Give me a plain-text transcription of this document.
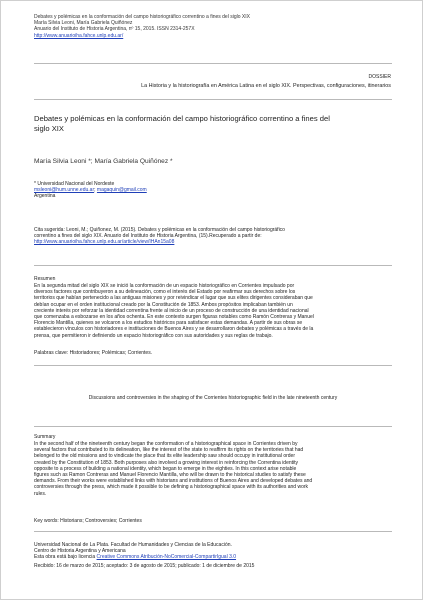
Debates y polémicas en la conformación del campo historiográfico correntino a fines del siglo XIX
María Silvia Leoni, María Gabriela Quiñónez
Anuario del Instituto de Historia Argentina, nº 15, 2015. ISSN 2314-257X
http://www.anuarioiha.fahce.unlp.edu.ar/
DOSSIER
La Historia y la historiografía en América Latina en el siglo XIX. Perspectivas, configuraciones, itinerarios
Debates y polémicas en la conformación del campo historiográfico correntino a fines del
siglo XIX
María Silvia Leoni *; María Gabriela Quiñónez *
* Universidad Nacional del Nordeste
msleoni@hum.unne.edu.ar; magaquin@gmail.com
Argentina
Cita sugerida: Leoni, M.; Quiñonez, M. (2015). Debates y polémicas en la conformación del campo historiográfico
correntino a fines del siglo XIX. Anuario del Instituto de Historia Argentina, (15).Recuperado a partir de:
http://www.anuarioiha.fahce.unlp.edu.ar/article/view/IHAn15a08
Resumen
En la segunda mitad del siglo XIX se inició la conformación de un espacio historiográfico en Corrientes impulsado por
diversos factores que contribuyeron a su delineación, como el interés del Estado por reafirmar sus derechos sobre los
territorios que habían pertenecido a las antiguas misiones y por reivindicar el lugar que sus elites dirigentes consideraban que
debían ocupar en el orden institucional creado por la Constitución de 1853. Ambos propósitos implicaban también un
creciente interés por reforzar la identidad correntina frente al inicio de un proceso de construcción de una identidad nacional
que comenzaba a esbozarse en los años ochenta. En este contexto surgen figuras notables como Ramón Contreras y Manuel
Florencio Mantilla, quienes se volcaron a los estudios históricos para satisfacer estas demandas. A partir de sus obras se
establecieron vínculos con historiadores e instituciones de Buenos Aires y se desarrollaron debates y polémicas a través de la
prensa, que permitieron ir definiendo un espacio historiográfico con sus autoridades y sus reglas de trabajo.
Palabras clave: Historiadores; Polémicas; Corrientes.
Discussions and controversies in the shaping of the Corrientes historiographic field in the late nineteenth century
Summary
In the second half of the nineteenth century began the conformation of a historiographical space in Corrientes driven by
several factors that contributed to its delineation, like the interest of the state to reaffirm its rights on the territories that had
belonged to the old missions and to vindicate the place that its elite leadership saw should occupy in institutional order
created by the Constitution of 1853. Both purposes also involved a growing interest in reinforcing the Correntina identity
opposite to a process of building a national identity, which began to emerge in the eighties. In this context arise notable
figures such as Ramon Contreras and Manuel Florencio Mantilla, who will be drawn to the historical studies to satisfy these
demands. From their works were established links with historians and institutions of Buenos Aires and developed debates and
controversies through the press, which made it possible to be defining a historiographical space with its authorities and work
rules.
Key words: Historians; Controversies; Corrientes
Universidad Nacional de La Plata. Facultad de Humanidades y Ciencias de la Educación.
Centro de Historia Argentina y Americana
Esta obra está bajo licencia Creative Commons Atribución-NoComercial-CompartirIgual 3.0
Recibido: 16 de marzo de 2015; aceptado: 3 de agosto de 2015; publicado: 1 de diciembre de 2015
